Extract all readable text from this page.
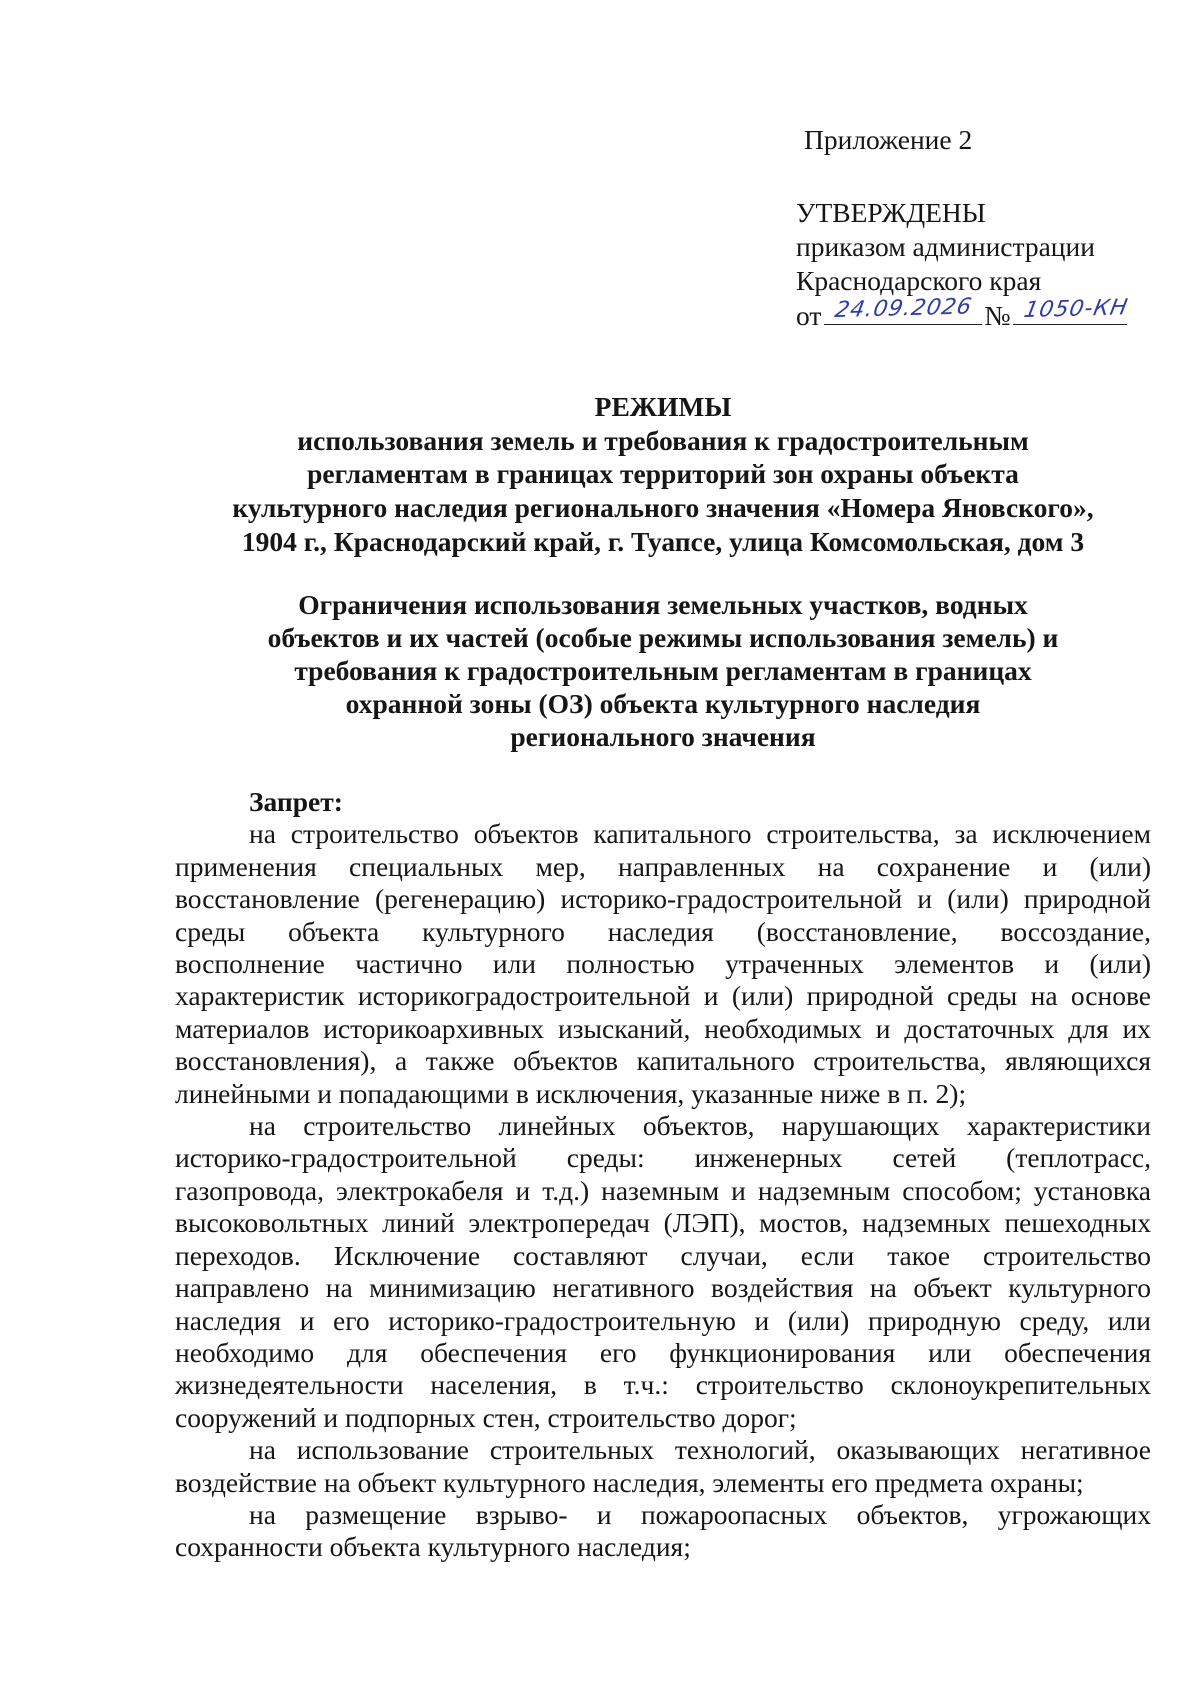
Приложение 2
УТВЕРЖДЕНЫ
приказом администрации
Краснодарского края
от 24.09.2026 № 1050-КН
РЕЖИМЫ
использования земель и требования к градостроительным
регламентам в границах территорий зон охраны объекта
культурного наследия регионального значения «Номера Яновского»,
1904 г., Краснодарский край, г. Туапсе, улица Комсомольская, дом 3
Ограничения использования земельных участков, водных
объектов и их частей (особые режимы использования земель) и
требования к градостроительным регламентам в границах
охранной зоны (ОЗ) объекта культурного наследия
регионального значения
Запрет:
на строительство объектов капитального строительства, за исключением
применения специальных мер, направленных на сохранение и (или)
восстановление (регенерацию) историко-градостроительной и (или) природной
среды объекта культурного наследия (восстановление, воссоздание,
восполнение частично или полностью утраченных элементов и (или)
характеристик историкоградостроительной и (или) природной среды на основе
материалов историкоархивных изысканий, необходимых и достаточных для их
восстановления), а также объектов капитального строительства, являющихся
линейными и попадающими в исключения, указанные ниже в п. 2);
на строительство линейных объектов, нарушающих характеристики
историко-градостроительной среды: инженерных сетей (теплотрасс,
газопровода, электрокабеля и т.д.) наземным и надземным способом; установка
высоковольтных линий электропередач (ЛЭП), мостов, надземных пешеходных
переходов. Исключение составляют случаи, если такое строительство
направлено на минимизацию негативного воздействия на объект культурного
наследия и его историко-градостроительную и (или) природную среду, или
необходимо для обеспечения его функционирования или обеспечения
жизнедеятельности населения, в т.ч.: строительство склоноукрепительных
сооружений и подпорных стен, строительство дорог;
на использование строительных технологий, оказывающих негативное
воздействие на объект культурного наследия, элементы его предмета охраны;
на размещение взрыво- и пожароопасных объектов, угрожающих
сохранности объекта культурного наследия;
